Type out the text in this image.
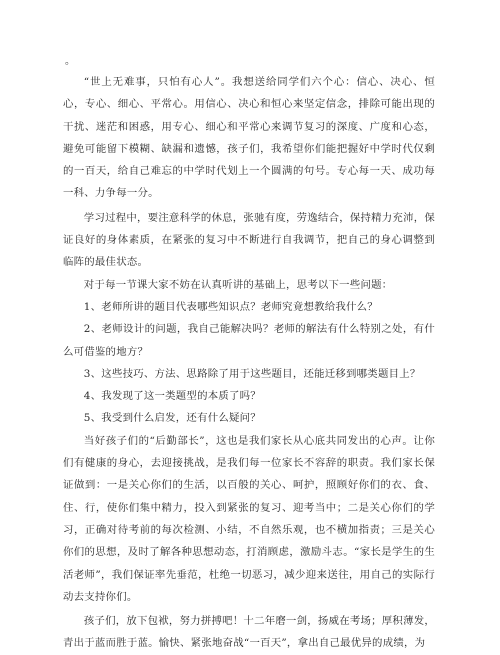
。

“世上无难事，只怕有心人”。我想送给同学们六个心：信心、决心、恒心，专心、细心、平常心。用信心、决心和恒心来坚定信念，排除可能出现的干扰、迷茫和困惑，用专心、细心和平常心来调节复习的深度、广度和心态，避免可能留下模糊、缺漏和遗憾，孩子们，我希望你们能把握好中学时代仅剩的一百天，给自己难忘的中学时代划上一个圆满的句号。专心每一天、成功每一科、力争每一分。

学习过程中，要注意科学的休息，张驰有度，劳逸结合，保持精力充沛，保证良好的身体素质，在紧张的复习中不断进行自我调节，把自己的身心调整到临阵的最佳状态。

对于每一节课大家不妨在认真听讲的基础上，思考以下一些问题：

1、老师所讲的题目代表哪些知识点？老师究竟想教给我什么？

2、老师设计的问题，我自己能解决吗？老师的解法有什么特别之处，有什么可借鉴的地方？

3、这些技巧、方法、思路除了用于这些题目，还能迁移到哪类题目上？

4、我发现了这一类题型的本质了吗？

5、我受到什么启发，还有什么疑问？

当好孩子们的“后勤部长”，这也是我们家长从心底共同发出的心声。让你们有健康的身心，去迎接挑战，是我们每一位家长不容辞的职责。我们家长保证做到：一是关心你们的生活，以百般的关心、呵护，照顾好你们的衣、食、住、行，使你们集中精力，投入到紧张的复习、迎考当中；二是关心你们的学习，正确对待考前的每次检测、小结，不自然乐观，也不横加指责；三是关心你们的思想，及时了解各种思想动态，打消顾虑，激励斗志。“家长是学生的生活老师”，我们保证率先垂范，杜绝一切恶习，减少迎来送往，用自己的实际行动去支持你们。

孩子们，放下包袱，努力拼搏吧！十二年磨一剑，扬威在考场；厚积薄发，青出于蓝而胜于蓝。愉快、紧张地奋战“一百天”，拿出自己最优异的成绩，为
